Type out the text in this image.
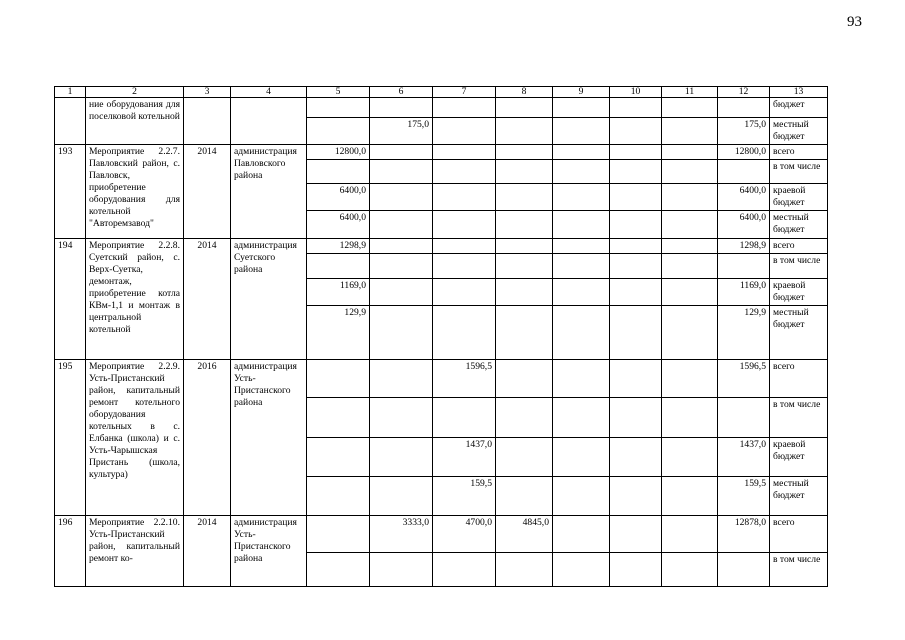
93
1	2	3	4	5	6	7	8	9	10	11	12	13
	ние оборудования для поселковой котельной											бюджет
					175,0						175,0	местный бюджет
193	Мероприятие 2.2.7. Павловский район, с. Павловск, приобретение оборудования для котельной "Авторемзавод"	2014	администрация Павловского района	12800,0							12800,0	всего
												в том числе
				6400,0							6400,0	краевой бюджет
				6400,0							6400,0	местный бюджет
194	Мероприятие 2.2.8. Суетский район, с. Верх-Суетка, демонтаж, приобретение котла КВм-1,1 и монтаж в центральной котельной	2014	администрация Суетского района	1298,9							1298,9	всего
												в том числе
				1169,0							1169,0	краевой бюджет
				129,9							129,9	местный бюджет
195	Мероприятие 2.2.9. Усть-Пристанский район, капитальный ремонт котельного оборудования котельных в с. Елбанка (школа) и с. Усть-Чарышская Пристань (школа, культура)	2016	администрация Усть-Пристанского района			1596,5					1596,5	всего
												в том числе
						1437,0					1437,0	краевой бюджет
						159,5					159,5	местный бюджет
196	Мероприятие 2.2.10. Усть-Пристанский район, капитальный ремонт ко-	2014	администрация Усть-Пристанского района		3333,0	4700,0	4845,0				12878,0	всего
												в том числе
